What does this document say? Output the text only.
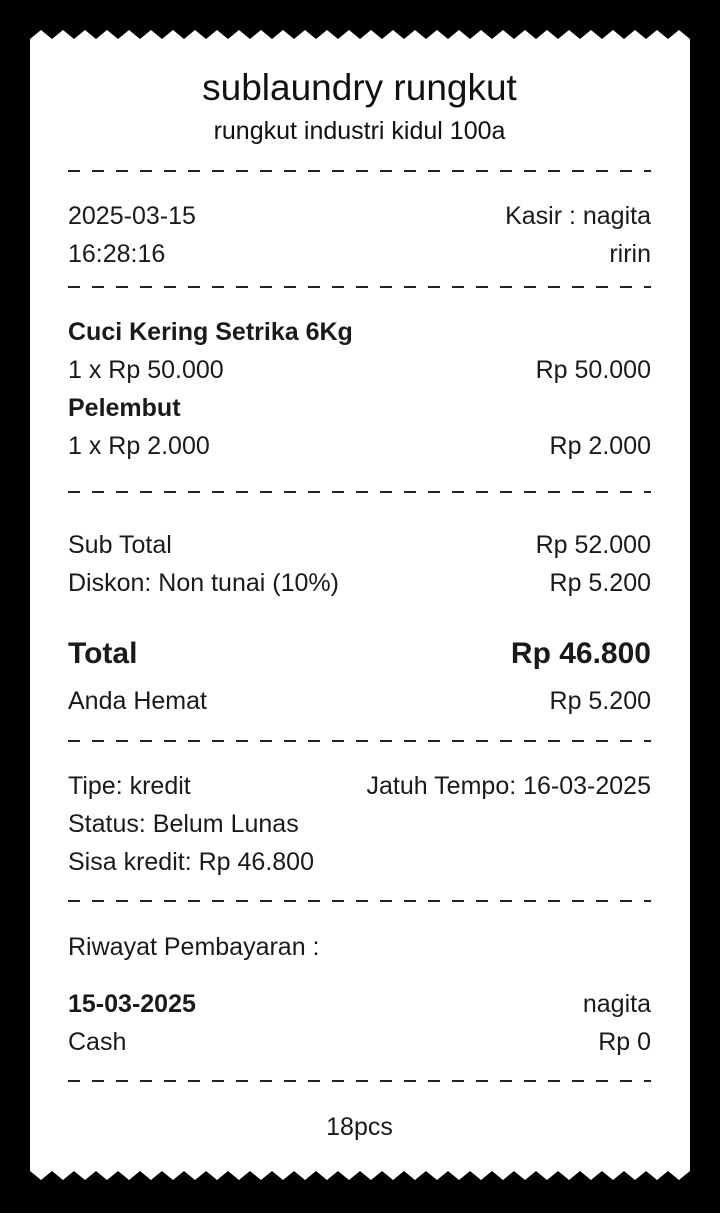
sublaundry rungkut
rungkut industri kidul 100a
2025-03-15	Kasir : nagita
16:28:16	ririn
Cuci Kering Setrika 6Kg
1 x Rp 50.000	Rp 50.000
Pelembut
1 x Rp 2.000	Rp 2.000
Sub Total	Rp 52.000
Diskon: Non tunai (10%)	Rp 5.200
Total	Rp 46.800
Anda Hemat	Rp 5.200
Tipe: kredit	Jatuh Tempo: 16-03-2025
Status: Belum Lunas
Sisa kredit: Rp 46.800
Riwayat Pembayaran :
15-03-2025	nagita
Cash	Rp 0
18pcs
